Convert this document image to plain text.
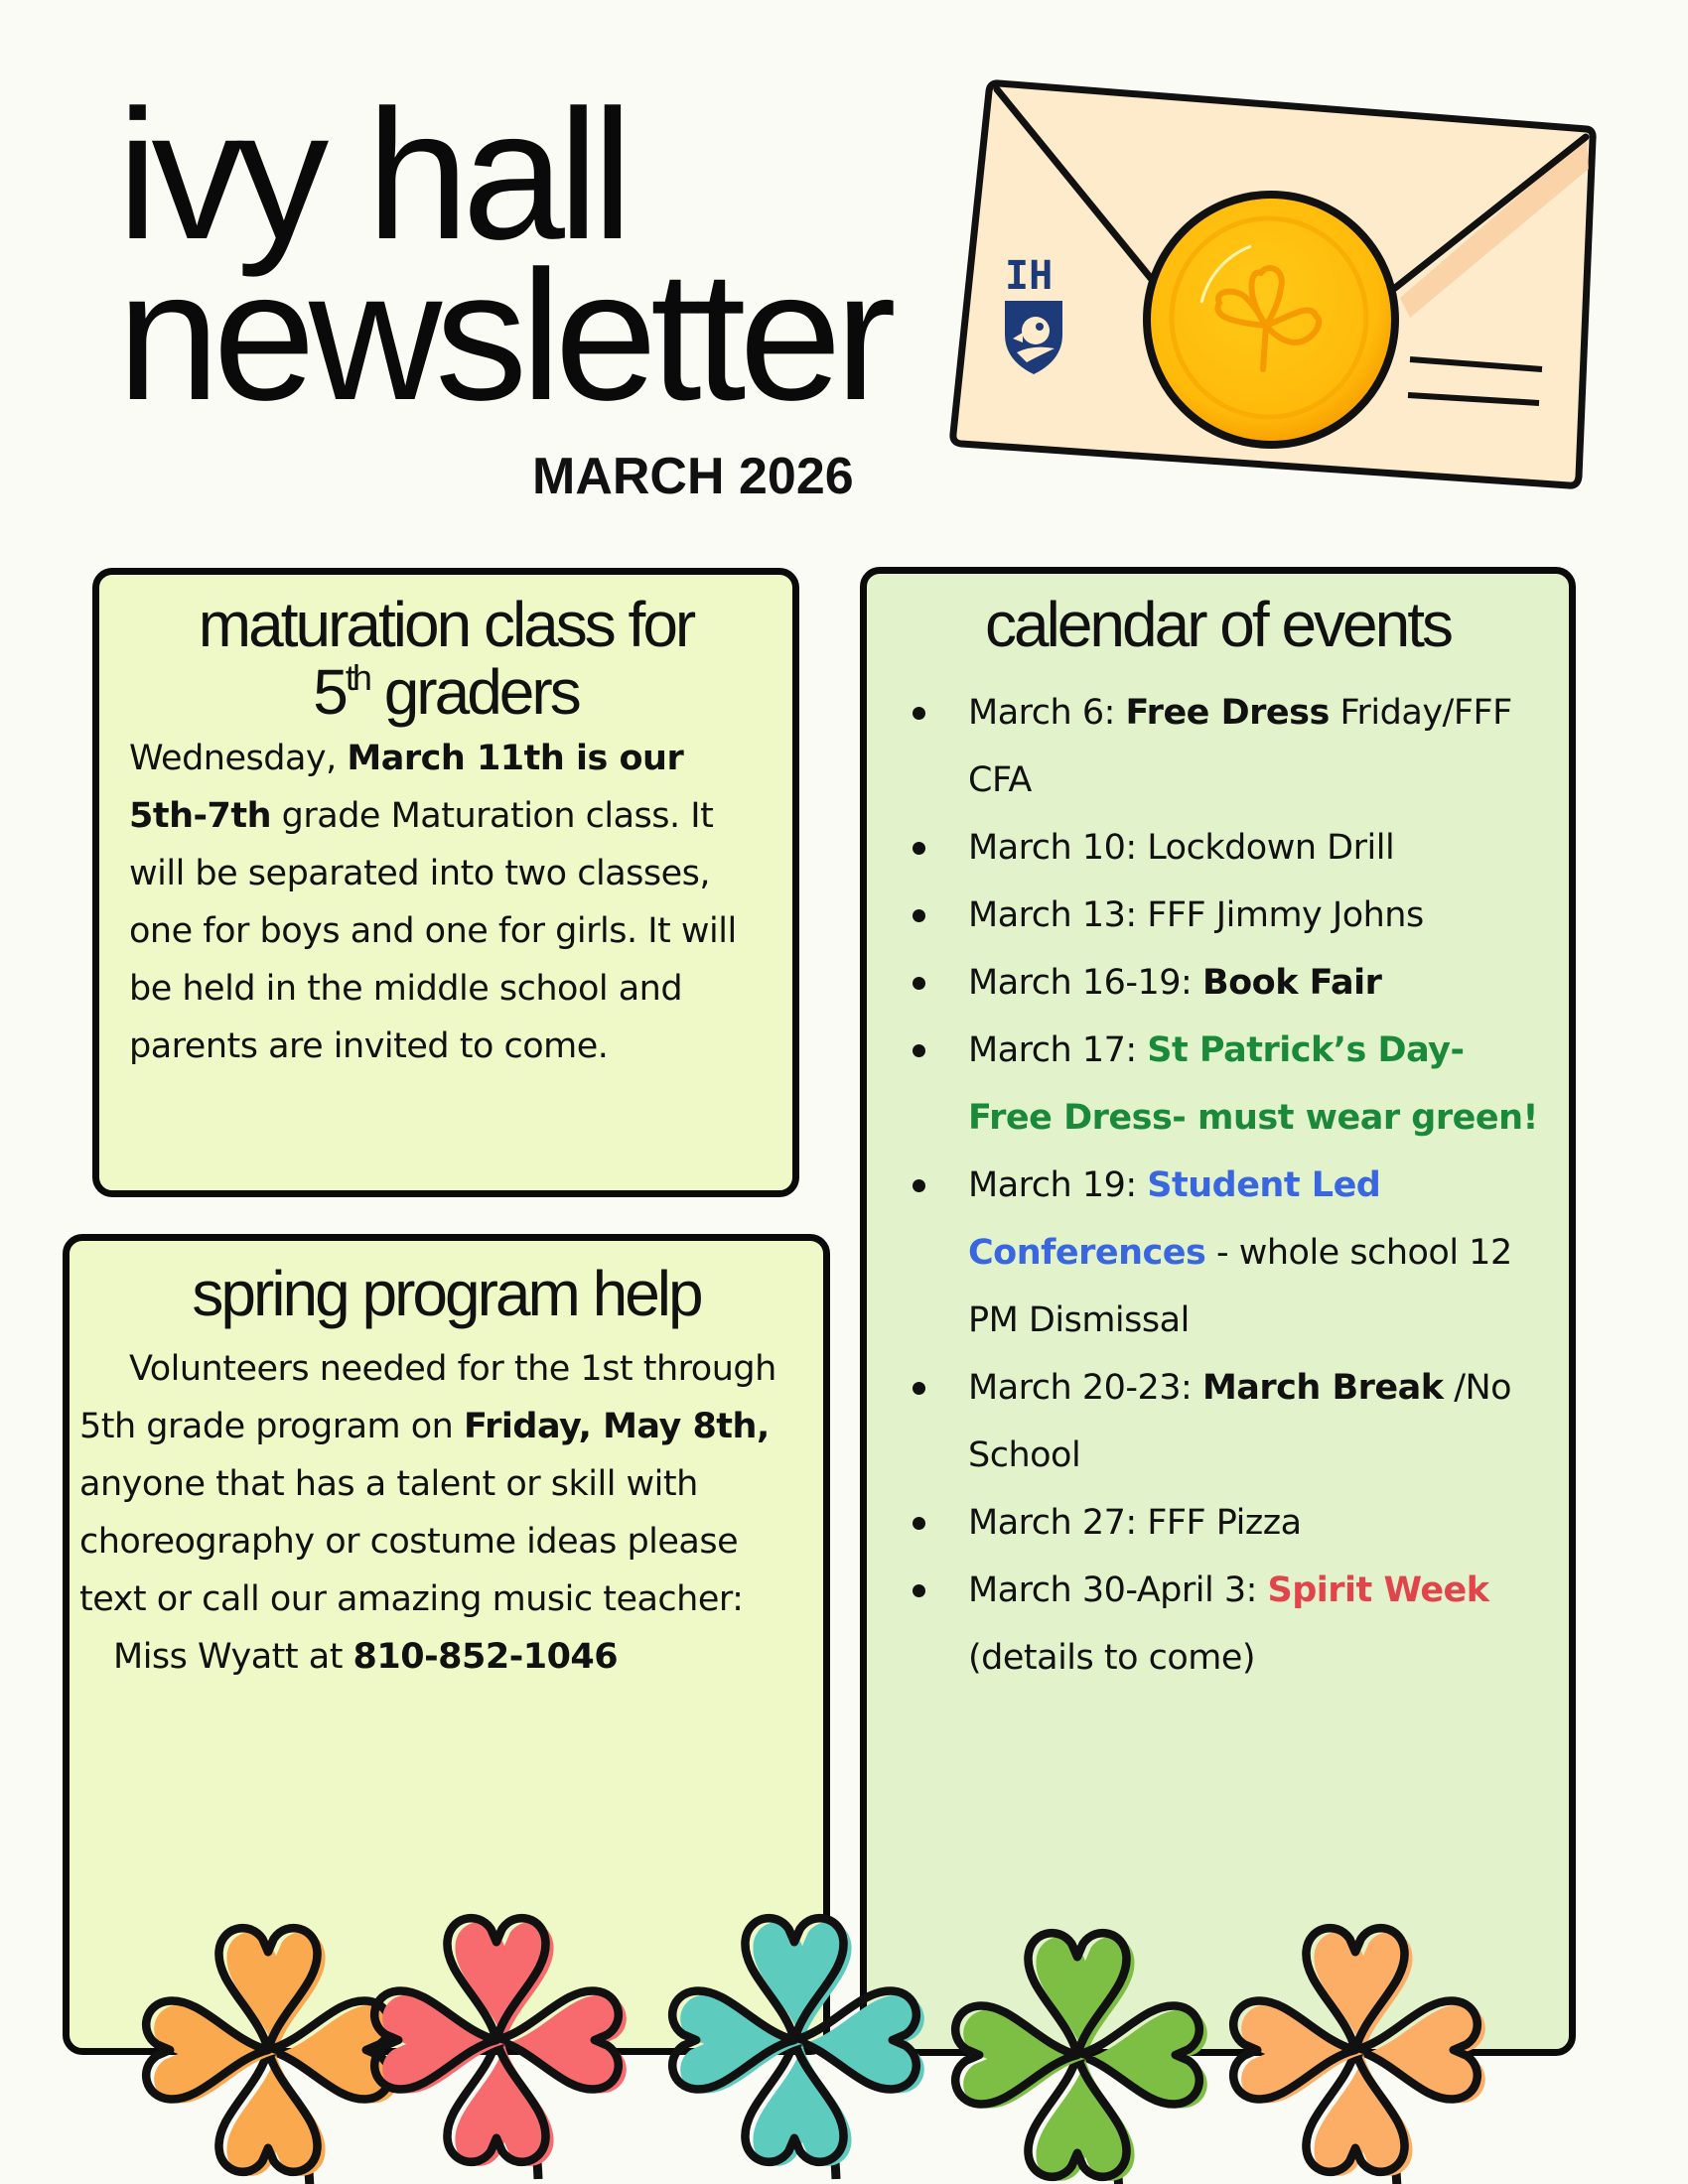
ivy hall
newsletter
MARCH 2026
IH
maturation class for
5th graders

Wednesday, March 11th is our 5th-7th grade Maturation class. It will be separated into two classes, one for boys and one for girls. It will be held in the middle school and parents are invited to come.

spring program help

Volunteers needed for the 1st through 5th grade program on Friday, May 8th, anyone that has a talent or skill with choreography or costume ideas please text or call our amazing music teacher:
Miss Wyatt at 810-852-1046

calendar of events
March 6: Free Dress Friday/FFF CFA
March 10: Lockdown Drill
March 13: FFF Jimmy Johns
March 16-19: Book Fair
March 17: St Patrick’s Day- Free Dress- must wear green!
March 19: Student Led Conferences - whole school 12 PM Dismissal
March 20-23: March Break /No School
March 27: FFF Pizza
March 30-April 3: Spirit Week (details to come)
